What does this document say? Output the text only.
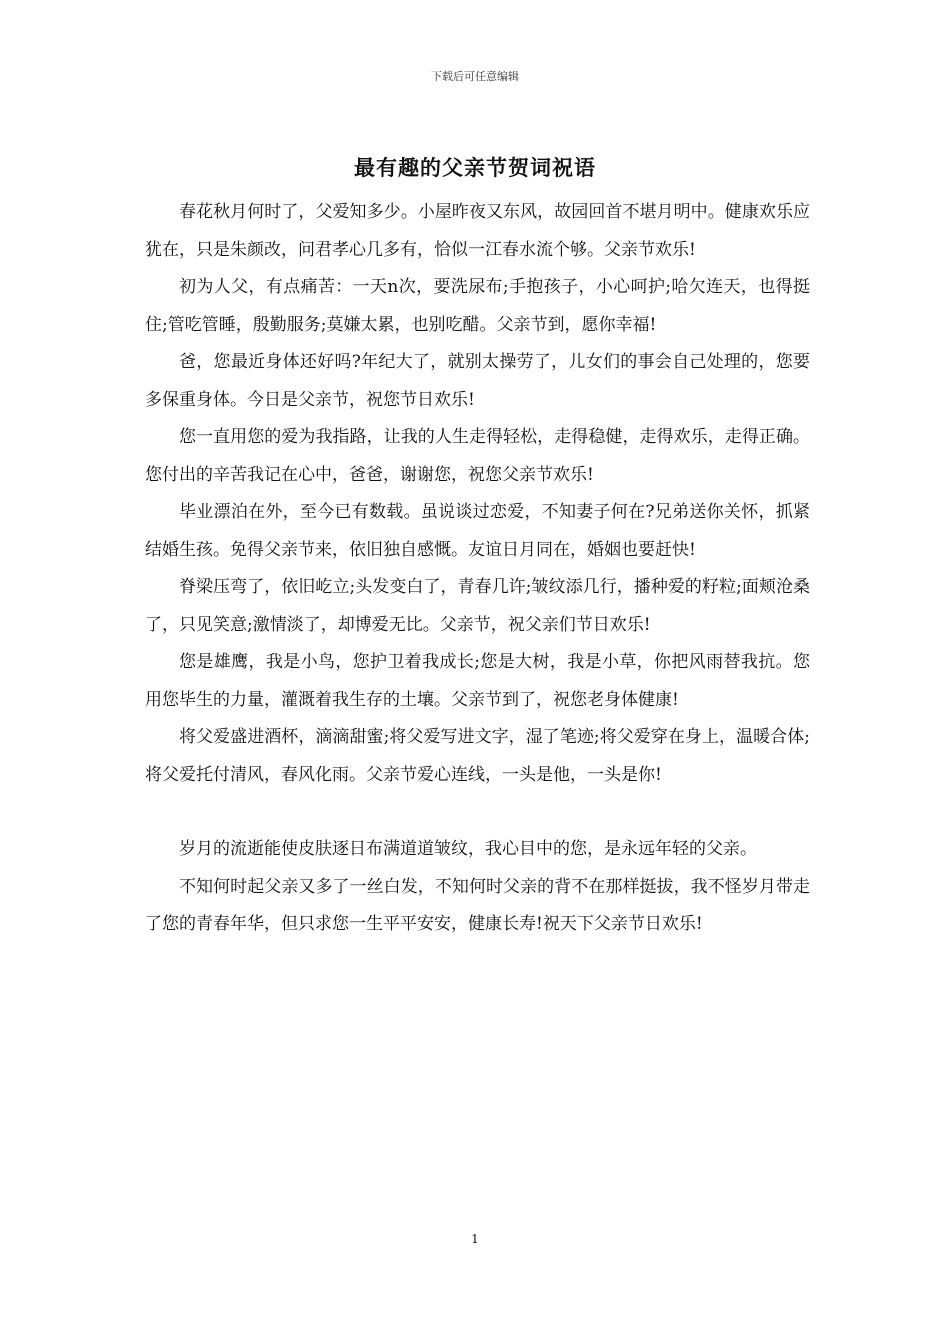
下载后可任意编辑
最有趣的父亲节贺词祝语

春花秋月何时了，父爱知多少。小屋昨夜又东风，故园回首不堪月明中。健康欢乐应犹在，只是朱颜改，问君孝心几多有，恰似一江春水流个够。父亲节欢乐!

初为人父，有点痛苦：一天n次，要洗尿布;手抱孩子，小心呵护;哈欠连天，也得挺住;管吃管睡，殷勤服务;莫嫌太累，也别吃醋。父亲节到，愿你幸福!

爸，您最近身体还好吗?年纪大了，就别太操劳了，儿女们的事会自己处理的，您要多保重身体。今日是父亲节，祝您节日欢乐!

您一直用您的爱为我指路，让我的人生走得轻松，走得稳健，走得欢乐，走得正确。您付出的辛苦我记在心中，爸爸，谢谢您，祝您父亲节欢乐!

毕业漂泊在外，至今已有数载。虽说谈过恋爱，不知妻子何在?兄弟送你关怀，抓紧结婚生孩。免得父亲节来，依旧独自感慨。友谊日月同在，婚姻也要赶快!

脊梁压弯了，依旧屹立;头发变白了，青春几许;皱纹添几行，播种爱的籽粒;面颊沧桑了，只见笑意;激情淡了，却博爱无比。父亲节，祝父亲们节日欢乐!

您是雄鹰，我是小鸟，您护卫着我成长;您是大树，我是小草，你把风雨替我抗。您用您毕生的力量，灌溉着我生存的土壤。父亲节到了，祝您老身体健康!

将父爱盛进酒杯，滴滴甜蜜;将父爱写进文字，湿了笔迹;将父爱穿在身上，温暖合体;将父爱托付清风，春风化雨。父亲节爱心连线，一头是他，一头是你!

岁月的流逝能使皮肤逐日布满道道皱纹，我心目中的您，是永远年轻的父亲。

不知何时起父亲又多了一丝白发，不知何时父亲的背不在那样挺拔，我不怪岁月带走了您的青春年华，但只求您一生平平安安，健康长寿!祝天下父亲节日欢乐!

1
